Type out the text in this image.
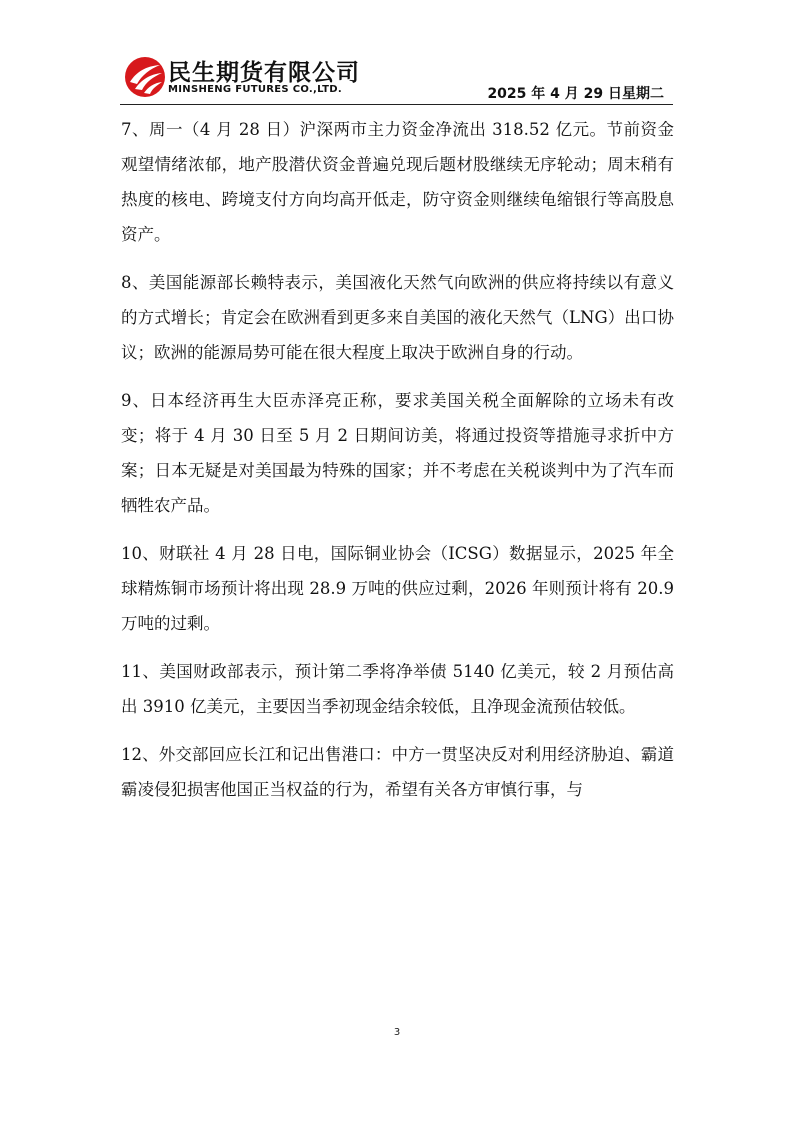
民生期货有限公司
MINSHENG FUTURES CO.,LTD.	2025 年 4 月 29 日星期二

7、周一（4 月 28 日）沪深两市主力资金净流出 318.52 亿元。节前资金观望情绪浓郁，地产股潜伏资金普遍兑现后题材股继续无序轮动；周末稍有热度的核电、跨境支付方向均高开低走，防守资金则继续龟缩银行等高股息资产。

8、美国能源部长赖特表示，美国液化天然气向欧洲的供应将持续以有意义的方式增长；肯定会在欧洲看到更多来自美国的液化天然气（LNG）出口协议；欧洲的能源局势可能在很大程度上取决于欧洲自身的行动。

9、日本经济再生大臣赤泽亮正称，要求美国关税全面解除的立场未有改变；将于 4 月 30 日至 5 月 2 日期间访美，将通过投资等措施寻求折中方案；日本无疑是对美国最为特殊的国家；并不考虑在关税谈判中为了汽车而牺牲农产品。

10、财联社 4 月 28 日电，国际铜业协会（ICSG）数据显示，2025 年全球精炼铜市场预计将出现 28.9 万吨的供应过剩，2026 年则预计将有 20.9 万吨的过剩。

11、美国财政部表示，预计第二季将净举债 5140 亿美元，较 2 月预估高出 3910 亿美元，主要因当季初现金结余较低，且净现金流预估较低。

12、外交部回应长江和记出售港口：中方一贯坚决反对利用经济胁迫、霸道霸凌侵犯损害他国正当权益的行为，希望有关各方审慎行事，与

3
